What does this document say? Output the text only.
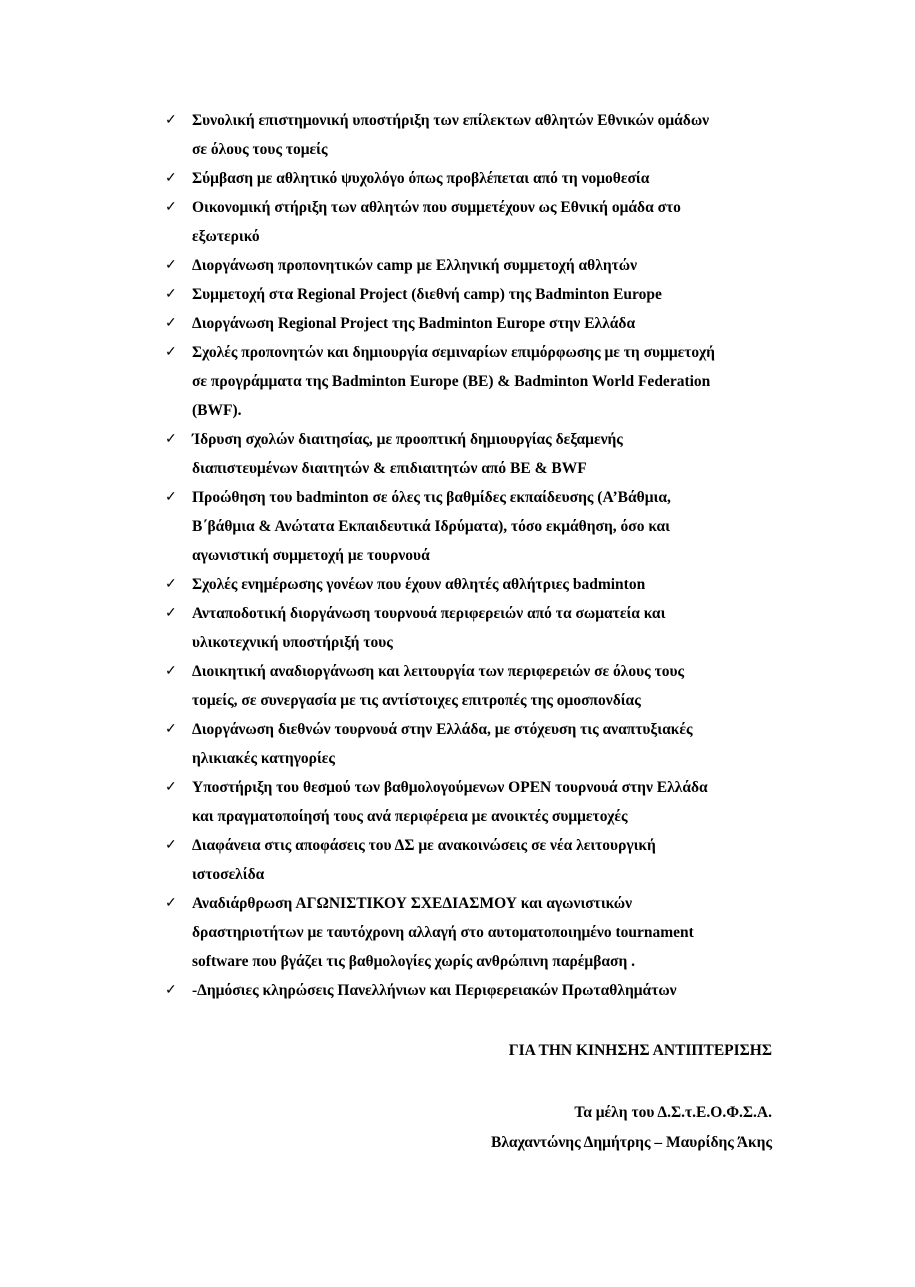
✓ Συνολική επιστημονική υποστήριξη των επίλεκτων αθλητών Εθνικών ομάδων
σε όλους τους τομείς
✓ Σύμβαση με αθλητικό ψυχολόγο όπως προβλέπεται από τη νομοθεσία
✓ Οικονομική στήριξη των αθλητών που συμμετέχουν ως Εθνική ομάδα στο
εξωτερικό
✓ Διοργάνωση προπονητικών camp με Ελληνική συμμετοχή αθλητών
✓ Συμμετοχή στα Regional Project (διεθνή camp) της Badminton Europe
✓ Διοργάνωση Regional Project της Badminton Europe στην Ελλάδα
✓ Σχολές προπονητών και δημιουργία σεμιναρίων επιμόρφωσης με τη συμμετοχή
σε προγράμματα της Badminton Europe (BE) & Badminton World Federation
(BWF).
✓ Ίδρυση σχολών διαιτησίας, με προοπτική δημιουργίας δεξαμενής
διαπιστευμένων διαιτητών & επιδιαιτητών από BE & BWF
✓ Προώθηση του badminton σε όλες τις βαθμίδες εκπαίδευσης (Α’Βάθμια,
Β΄βάθμια & Ανώτατα Εκπαιδευτικά Ιδρύματα), τόσο εκμάθηση, όσο και
αγωνιστική συμμετοχή με τουρνουά
✓ Σχολές ενημέρωσης γονέων που έχουν αθλητές αθλήτριες badminton
✓ Ανταποδοτική διοργάνωση τουρνουά περιφερειών από τα σωματεία και
υλικοτεχνική υποστήριξή τους
✓ Διοικητική αναδιοργάνωση και λειτουργία των περιφερειών σε όλους τους
τομείς, σε συνεργασία με τις αντίστοιχες επιτροπές της ομοσπονδίας
✓ Διοργάνωση διεθνών τουρνουά στην Ελλάδα, με στόχευση τις αναπτυξιακές
ηλικιακές κατηγορίες
✓ Υποστήριξη του θεσμού των βαθμολογούμενων OPEN τουρνουά στην Ελλάδα
και πραγματοποίησή τους ανά περιφέρεια με ανοικτές συμμετοχές
✓ Διαφάνεια στις αποφάσεις του ΔΣ με ανακοινώσεις σε νέα λειτουργική
ιστοσελίδα
✓ Αναδιάρθρωση ΑΓΩΝΙΣΤΙΚΟΥ ΣΧΕΔΙΑΣΜΟΥ και αγωνιστικών
δραστηριοτήτων με ταυτόχρονη αλλαγή στο αυτοματοποιημένο tournament
software που βγάζει τις βαθμολογίες χωρίς ανθρώπινη παρέμβαση .
✓ -Δημόσιες κληρώσεις Πανελλήνιων και Περιφερειακών Πρωταθλημάτων
ΓΙΑ ΤΗΝ ΚΙΝΗΣΗΣ ΑΝΤΙΠΤΕΡΙΣΗΣ
Τα μέλη του Δ.Σ.τ.Ε.Ο.Φ.Σ.Α.
Βλαχαντώνης Δημήτρης – Μαυρίδης Άκης
